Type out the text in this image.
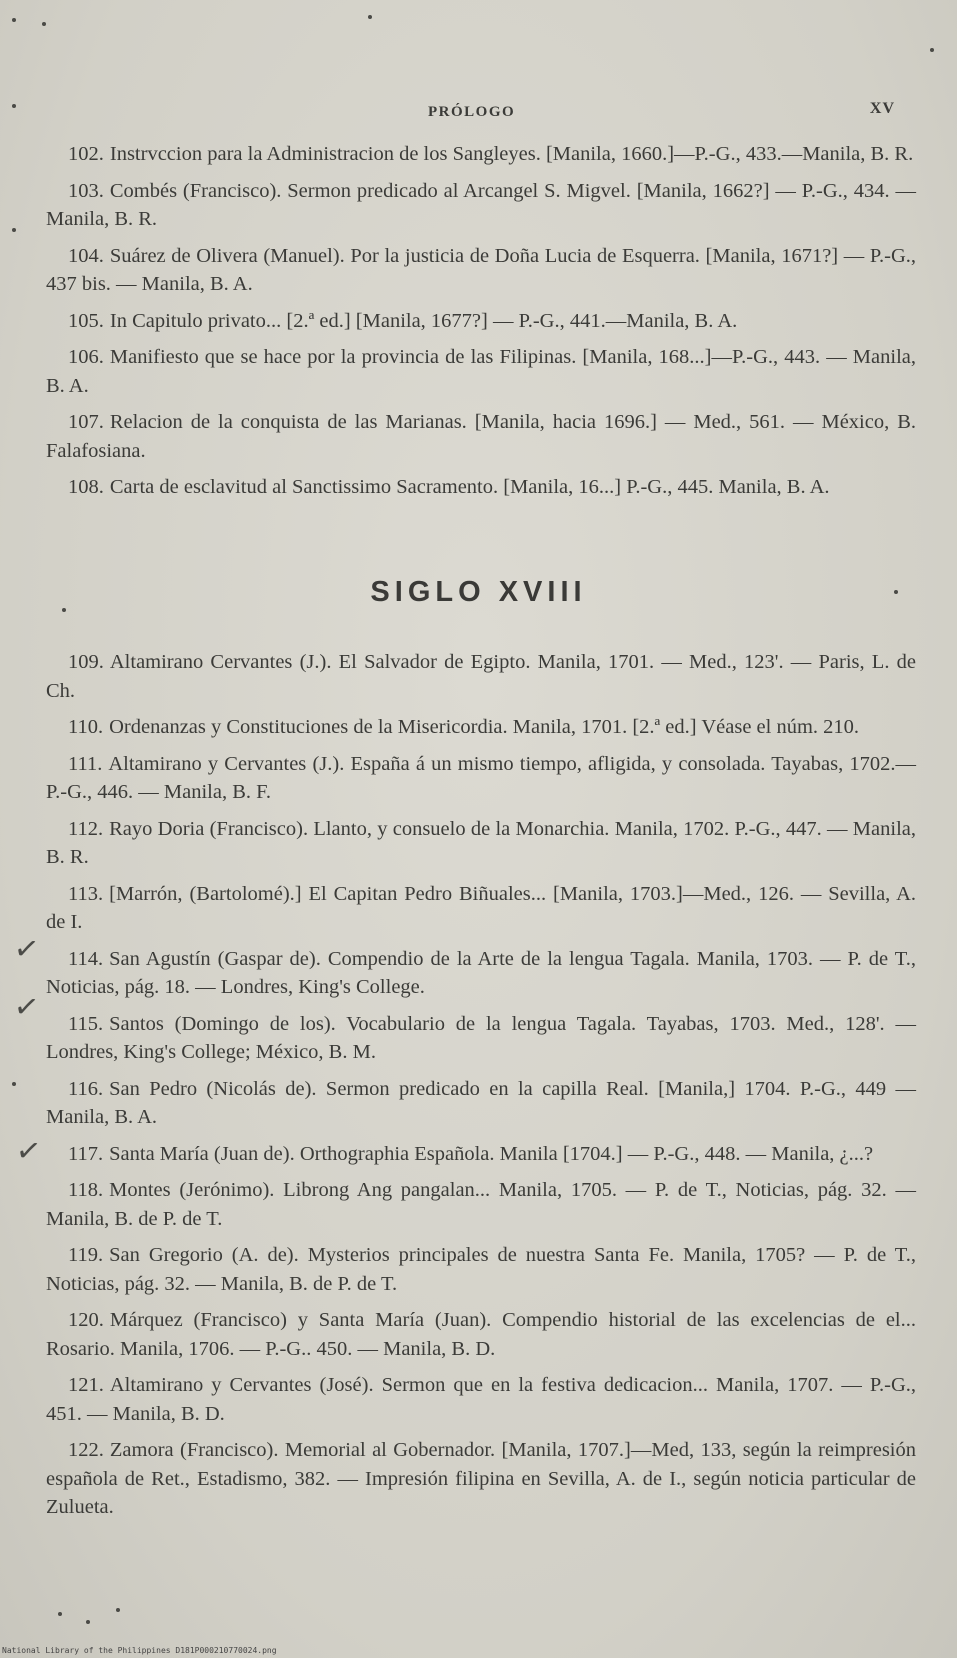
PRÓLOGO	XV

102. Instrvccion para la Administracion de los Sangleyes. [Manila, 1660.]—P.-G., 433.—Manila, B. R.

103. Combés (Francisco). Sermon predicado al Arcangel S. Migvel. [Manila, 1662?] — P.-G., 434. — Manila, B. R.

104. Suárez de Olivera (Manuel). Por la justicia de Doña Lucia de Esquerra. [Manila, 1671?] — P.-G., 437 bis. — Manila, B. A.

105. In Capitulo privato... [2.ª ed.] [Manila, 1677?] — P.-G., 441.—Manila, B. A.

106. Manifiesto que se hace por la provincia de las Filipinas. [Manila, 168...]—P.-G., 443. — Manila, B. A.

107. Relacion de la conquista de las Marianas. [Manila, hacia 1696.] — Med., 561. — México, B. Falafosiana.

108. Carta de esclavitud al Sanctissimo Sacramento. [Manila, 16...] P.-G., 445. Manila, B. A.

SIGLO XVIII

109. Altamirano Cervantes (J.). El Salvador de Egipto. Manila, 1701. — Med., 123'. — Paris, L. de Ch.

110. Ordenanzas y Constituciones de la Misericordia. Manila, 1701. [2.ª ed.] Véase el núm. 210.

111. Altamirano y Cervantes (J.). España á un mismo tiempo, afligida, y consolada. Tayabas, 1702.— P.-G., 446. — Manila, B. F.

112. Rayo Doria (Francisco). Llanto, y consuelo de la Monarchia. Manila, 1702. P.-G., 447. — Manila, B. R.

113. [Marrón, (Bartolomé).] El Capitan Pedro Biñuales... [Manila, 1703.]—Med., 126. — Sevilla, A. de I.

114. San Agustín (Gaspar de). Compendio de la Arte de la lengua Tagala. Manila, 1703. — P. de T., Noticias, pág. 18. — Londres, King's College.

115. Santos (Domingo de los). Vocabulario de la lengua Tagala. Tayabas, 1703. Med., 128'. — Londres, King's College; México, B. M.

116. San Pedro (Nicolás de). Sermon predicado en la capilla Real. [Manila,] 1704. P.-G., 449 — Manila, B. A.

117. Santa María (Juan de). Orthographia Española. Manila [1704.] — P.-G., 448. — Manila, ¿...?

118. Montes (Jerónimo). Librong Ang pangalan... Manila, 1705. — P. de T., Noticias, pág. 32. — Manila, B. de P. de T.

119. San Gregorio (A. de). Mysterios principales de nuestra Santa Fe. Manila, 1705? — P. de T., Noticias, pág. 32. — Manila, B. de P. de T.

120. Márquez (Francisco) y Santa María (Juan). Compendio historial de las excelencias de el... Rosario. Manila, 1706. — P.-G.. 450. — Manila, B. D.

121. Altamirano y Cervantes (José). Sermon que en la festiva dedicacion... Manila, 1707. — P.-G., 451. — Manila, B. D.

122. Zamora (Francisco). Memorial al Gobernador. [Manila, 1707.]—Med, 133, según la reimpresión española de Ret., Estadismo, 382. — Impresión filipina en Sevilla, A. de I., según noticia particular de Zulueta.

✓
✓
✓
National Library of the Philippines D181P000210770024.png
